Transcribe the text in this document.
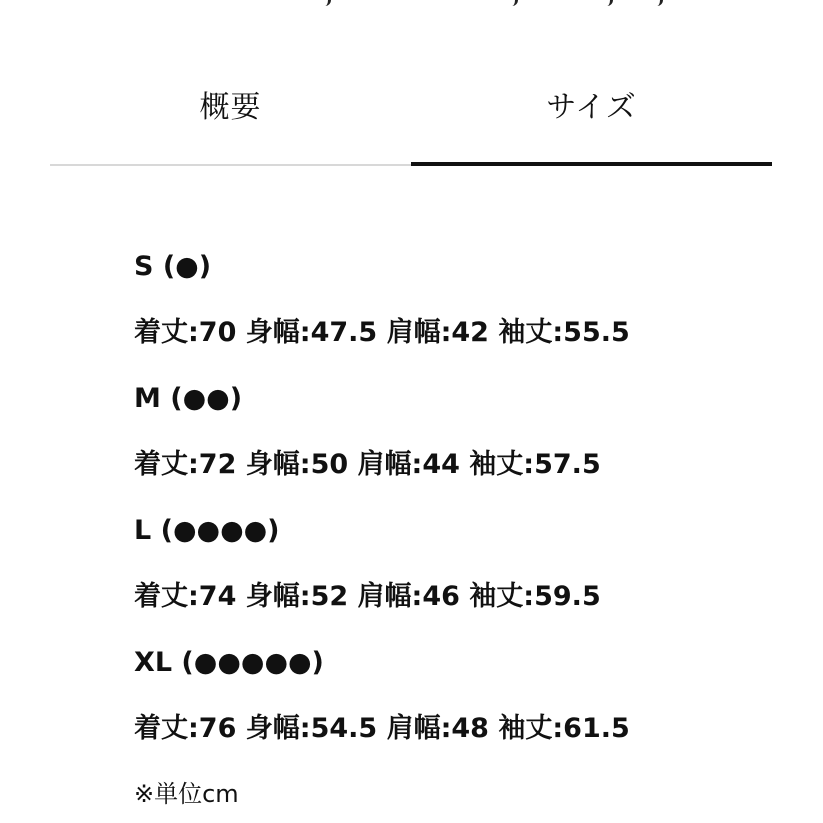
概要	サイズ
S (●)
着丈:70 身幅:47.5 肩幅:42 袖丈:55.5
M (●●)
着丈:72 身幅:50 肩幅:44 袖丈:57.5
L (●●●●)
着丈:74 身幅:52 肩幅:46 袖丈:59.5
XL (●●●●●)
着丈:76 身幅:54.5 肩幅:48 袖丈:61.5
※単位cm
